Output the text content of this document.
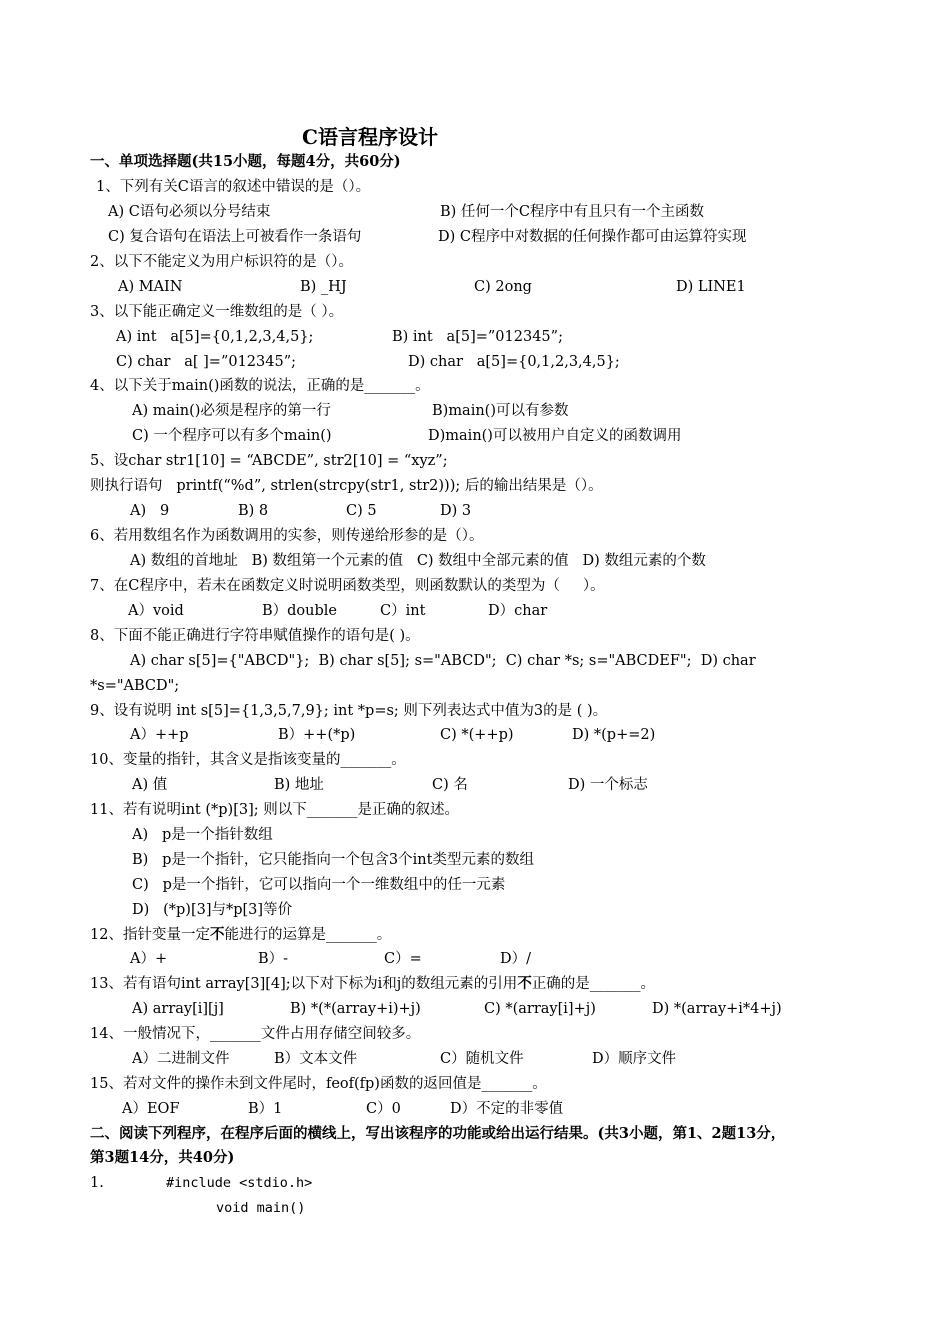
C语言程序设计
一、单项选择题(共15小题，每题4分，共60分)
1、下列有关C语言的叙述中错误的是（）。
A) C语句必须以分号结束	B) 任何一个C程序中有且只有一个主函数
C) 复合语句在语法上可被看作一条语句	D) C程序中对数据的任何操作都可由运算符实现
2、以下不能定义为用户标识符的是（）。
A) MAIN	B) _HJ	C) 2ong	D) LINE1
3、以下能正确定义一维数组的是（ ）。
A) int   a[5]={0,1,2,3,4,5};	B) int   a[5]=”012345”;
C) char   a[ ]=”012345”;	D) char   a[5]={0,1,2,3,4,5};
4、以下关于main()函数的说法，正确的是_______。
A) main()必须是程序的第一行	B)main()可以有参数
C) 一个程序可以有多个main()	D)main()可以被用户自定义的函数调用
5、设char str1[10] = “ABCDE”, str2[10] = “xyz”;
则执行语句   printf(“%d”, strlen(strcpy(str1, str2))); 后的输出结果是（）。
A)   9	B) 8	C) 5	D) 3
6、若用数组名作为函数调用的实参，则传递给形参的是（）。
A) 数组的首地址   B) 数组第一个元素的值   C) 数组中全部元素的值   D) 数组元素的个数
7、在C程序中，若未在函数定义时说明函数类型，则函数默认的类型为（     ）。
A）void	B）double	C）int	D）char
8、下面不能正确进行字符串赋值操作的语句是( )。
A) char s[5]={"ABCD"};  B) char s[5]; s="ABCD";  C) char *s; s="ABCDEF";  D) char
*s="ABCD";
9、设有说明 int s[5]={1,3,5,7,9}; int *p=s; 则下列表达式中值为3的是 ( )。
A）++p	B）++(*p)	C) *(++p)	D) *(p+=2)
10、变量的指针，其含义是指该变量的_______。
A) 值	B) 地址	C) 名	D) 一个标志
11、若有说明int (*p)[3]; 则以下_______是正确的叙述。
A)   p是一个指针数组
B)   p是一个指针，它只能指向一个包含3个int类型元素的数组
C)   p是一个指针，它可以指向一个一维数组中的任一元素
D)   (*p)[3]与*p[3]等价
12、指针变量一定不能进行的运算是_______。
A）+	B）-	C）=	D）/
13、若有语句int array[3][4];以下对下标为i和j的数组元素的引用不正确的是_______。
A) array[i][j]	B) *(*(array+i)+j)	C) *(array[i]+j)	D) *(array+i*4+j)
14、一般情况下，_______文件占用存储空间较多。
A）二进制文件	B）文本文件	C）随机文件	D）顺序文件
15、若对文件的操作未到文件尾时，feof(fp)函数的返回值是_______。
A）EOF	B）1	C）0	D）不定的非零值
二、阅读下列程序，在程序后面的横线上，写出该程序的功能或给出运行结果。(共3小题，第1、2题13分，
第3题14分，共40分)
1.	#include <stdio.h>
void main()
